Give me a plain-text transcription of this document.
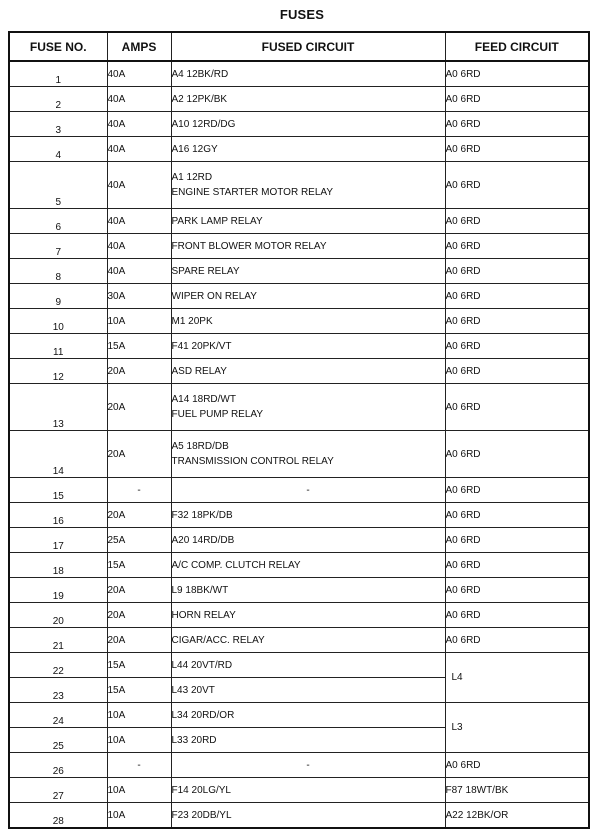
FUSES
FUSE NO.	AMPS	FUSED CIRCUIT	FEED CIRCUIT
1	40A	A4 12BK/RD	A0 6RD
2	40A	A2 12PK/BK	A0 6RD
3	40A	A10 12RD/DG	A0 6RD
4	40A	A16 12GY	A0 6RD
5	40A	A1 12RD
ENGINE STARTER MOTOR RELAY	A0 6RD
6	40A	PARK LAMP RELAY	A0 6RD
7	40A	FRONT BLOWER MOTOR RELAY	A0 6RD
8	40A	SPARE RELAY	A0 6RD
9	30A	WIPER ON RELAY	A0 6RD
10	10A	M1 20PK	A0 6RD
11	15A	F41 20PK/VT	A0 6RD
12	20A	ASD RELAY	A0 6RD
13	20A	A14 18RD/WT
FUEL PUMP RELAY	A0 6RD
14	20A	A5 18RD/DB
TRANSMISSION CONTROL RELAY	A0 6RD
15	-	-	A0 6RD
16	20A	F32 18PK/DB	A0 6RD
17	25A	A20 14RD/DB	A0 6RD
18	15A	A/C COMP. CLUTCH RELAY	A0 6RD
19	20A	L9 18BK/WT	A0 6RD
20	20A	HORN RELAY	A0 6RD
21	20A	CIGAR/ACC. RELAY	A0 6RD
22	15A	L44 20VT/RD	L4
23	15A	L43 20VT	

24	10A	L34 20RD/OR	L3
25	10A	L33 20RD	

26	-	-	A0 6RD
27	10A	F14 20LG/YL	F87 18WT/BK
28	10A	F23 20DB/YL	A22 12BK/OR
